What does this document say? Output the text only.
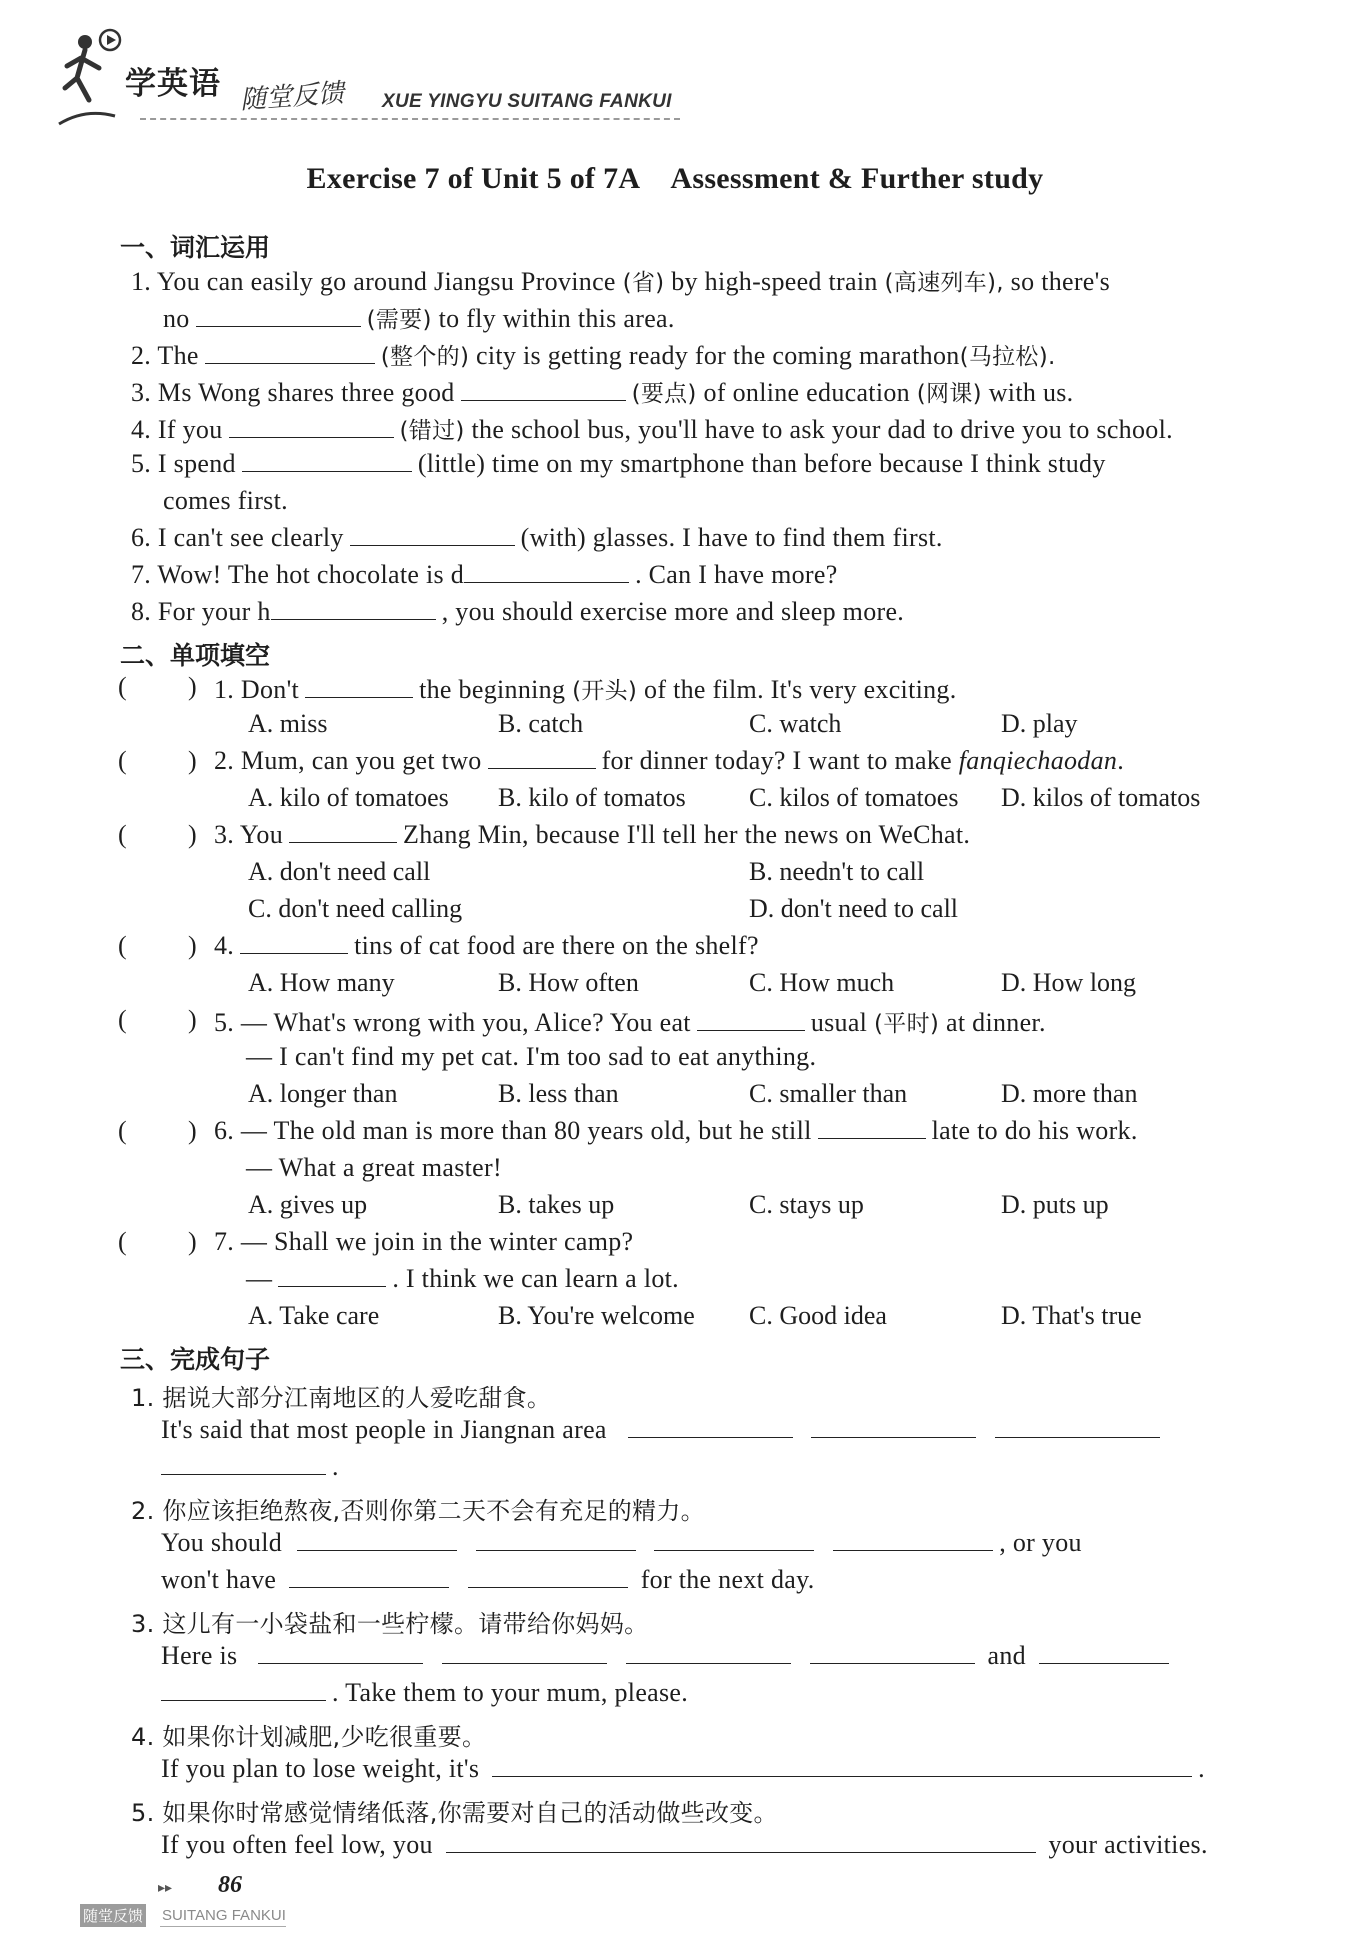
学英语 随堂反馈 XUE YINGYU SUITANG FANKUI
Exercise 7 of Unit 5 of 7A Assessment & Further study
一、词汇运用
1. You can easily go around Jiangsu Province (省) by high-speed train (高速列车), so there's
no	(需要) to fly within this area.
2. The	(整个的) city is getting ready for the coming marathon(马拉松).
3. Ms Wong shares three good	(要点) of online education (网课) with us.
4. If you	(错过) the school bus, you'll have to ask your dad to drive you to school.
5. I spend	(little) time on my smartphone than before because I think study
comes first.
6. I can't see clearly	(with) glasses. I have to find them first.
7. Wow! The hot chocolate is d	. Can I have more?
8. For your h	, you should exercise more and sleep more.
二、单项填空
( ) 1. Don't	the beginning (开头) of the film. It's very exciting.
A. miss	B. catch	C. watch	D. play
( ) 2. Mum, can you get two	for dinner today? I want to make fanqiechaodan.
A. kilo of tomatoes B. kilo of tomatos C. kilos of tomatoes D. kilos of tomatos
( ) 3. You	Zhang Min, because I'll tell her the news on WeChat.
A. don't need call	B. needn't to call
C. don't need calling	D. don't need to call
( ) 4.	tins of cat food are there on the shelf?
A. How many	B. How often	C. How much	D. How long
( ) 5. — What's wrong with you, Alice? You eat	usual (平时) at dinner.
— I can't find my pet cat. I'm too sad to eat anything.
A. longer than	B. less than	C. smaller than	D. more than
( ) 6. — The old man is more than 80 years old, but he still	late to do his work.
— What a great master!
A. gives up	B. takes up	C. stays up	D. puts up
( ) 7. — Shall we join in the winter camp?
—	. I think we can learn a lot.
A. Take care	B. You're welcome C. Good idea	D. That's true
三、完成句子
1. 据说大部分江南地区的人爱吃甜食。
It's said that most people in Jiangnan area
.
2. 你应该拒绝熬夜,否则你第二天不会有充足的精力。
You should	, or you
won't have	for the next day.
3. 这儿有一小袋盐和一些柠檬。请带给你妈妈。
Here is	and
. Take them to your mum, please.
4. 如果你计划减肥,少吃很重要。
If you plan to lose weight, it's	.
5. 如果你时常感觉情绪低落,你需要对自己的活动做些改变。
If you often feel low, you	your activities.
▸▸ 86
随堂反馈 SUITANG FANKUI
